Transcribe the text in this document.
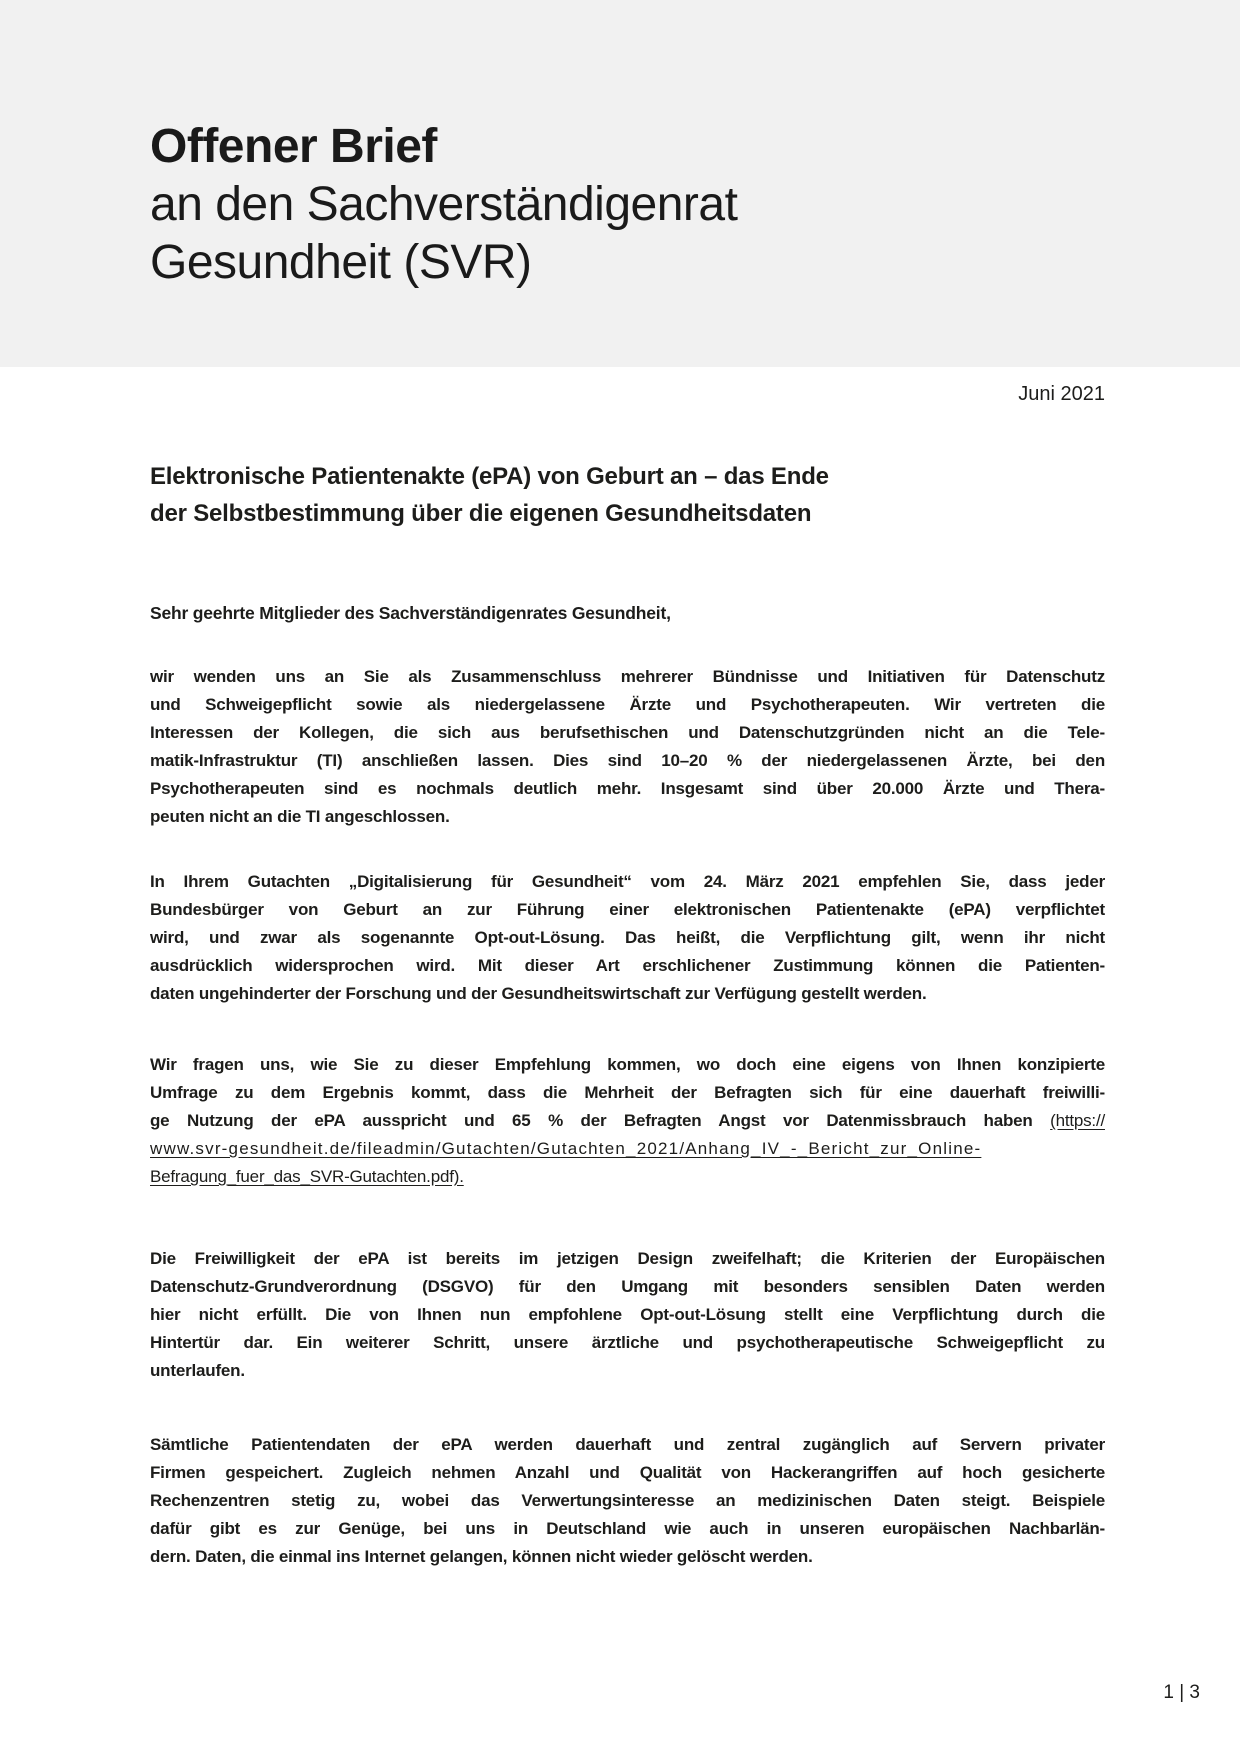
Offener Brief
an den Sachverständigenrat
Gesundheit (SVR)
Juni 2021
Elektronische Patientenakte (ePA) von Geburt an – das Ende
der Selbstbestimmung über die eigenen Gesundheitsdaten

Sehr geehrte Mitglieder des Sachverständigenrates Gesundheit,

wir wenden uns an Sie als Zusammenschluss mehrerer Bündnisse und Initiativen für Datenschutz
und Schweigepflicht sowie als niedergelassene Ärzte und Psychotherapeuten. Wir vertreten die
Interessen der Kollegen, die sich aus berufsethischen und Datenschutzgründen nicht an die Tele-
matik-Infrastruktur (TI) anschließen lassen. Dies sind 10–20 % der niedergelassenen Ärzte, bei den
Psychotherapeuten sind es nochmals deutlich mehr. Insgesamt sind über 20.000 Ärzte und Thera-
peuten nicht an die TI angeschlossen.
In Ihrem Gutachten „Digitalisierung für Gesundheit“ vom 24. März 2021 empfehlen Sie, dass jeder
Bundesbürger von Geburt an zur Führung einer elektronischen Patientenakte (ePA) verpflichtet
wird, und zwar als sogenannte Opt-out-Lösung. Das heißt, die Verpflichtung gilt, wenn ihr nicht
ausdrücklich widersprochen wird. Mit dieser Art erschlichener Zustimmung können die Patienten-
daten ungehinderter der Forschung und der Gesundheitswirtschaft zur Verfügung gestellt werden.
Wir fragen uns, wie Sie zu dieser Empfehlung kommen, wo doch eine eigens von Ihnen konzipierte
Umfrage zu dem Ergebnis kommt, dass die Mehrheit der Befragten sich für eine dauerhaft freiwilli-
ge Nutzung der ePA ausspricht und 65 % der Befragten Angst vor Datenmissbrauch haben (https://
www.svr-gesundheit.de/fileadmin/Gutachten/Gutachten_2021/Anhang_IV_-_Bericht_zur_Online-
Befragung_fuer_das_SVR-Gutachten.pdf).
Die Freiwilligkeit der ePA ist bereits im jetzigen Design zweifelhaft; die Kriterien der Europäischen
Datenschutz-Grundverordnung (DSGVO) für den Umgang mit besonders sensiblen Daten werden
hier nicht erfüllt. Die von Ihnen nun empfohlene Opt-out-Lösung stellt eine Verpflichtung durch die
Hintertür dar. Ein weiterer Schritt, unsere ärztliche und psychotherapeutische Schweigepflicht zu
unterlaufen.
Sämtliche Patientendaten der ePA werden dauerhaft und zentral zugänglich auf Servern privater
Firmen gespeichert. Zugleich nehmen Anzahl und Qualität von Hackerangriffen auf hoch gesicherte
Rechenzentren stetig zu, wobei das Verwertungsinteresse an medizinischen Daten steigt. Beispiele
dafür gibt es zur Genüge, bei uns in Deutschland wie auch in unseren europäischen Nachbarlän-
dern. Daten, die einmal ins Internet gelangen, können nicht wieder gelöscht werden.
1 | 3
